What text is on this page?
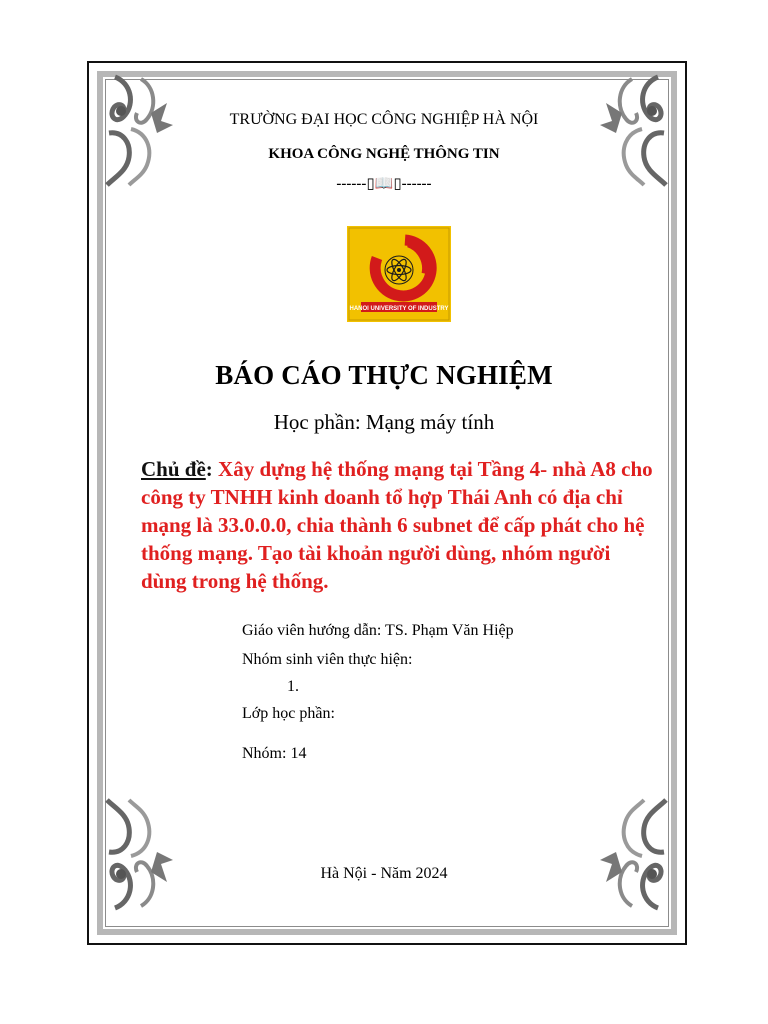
TRƯỜNG ĐẠI HỌC CÔNG NGHIỆP HÀ NỘI
KHOA CÔNG NGHỆ THÔNG TIN
------▯📖▯------
HANOI UNIVERSITY OF INDUSTRY
BÁO CÁO THỰC NGHIỆM
Học phần: Mạng máy tính
Chủ đề: Xây dựng hệ thống mạng tại Tầng 4- nhà A8 cho công ty TNHH kinh doanh tổ hợp Thái Anh có địa chỉ mạng là 33.0.0.0, chia thành 6 subnet để cấp phát cho hệ thống mạng. Tạo tài khoản người dùng, nhóm người dùng trong hệ thống.
Giáo viên hướng dẫn: TS. Phạm Văn Hiệp
Nhóm sinh viên thực hiện:
1.
Lớp học phần:
Nhóm: 14
Hà Nội - Năm 2024
